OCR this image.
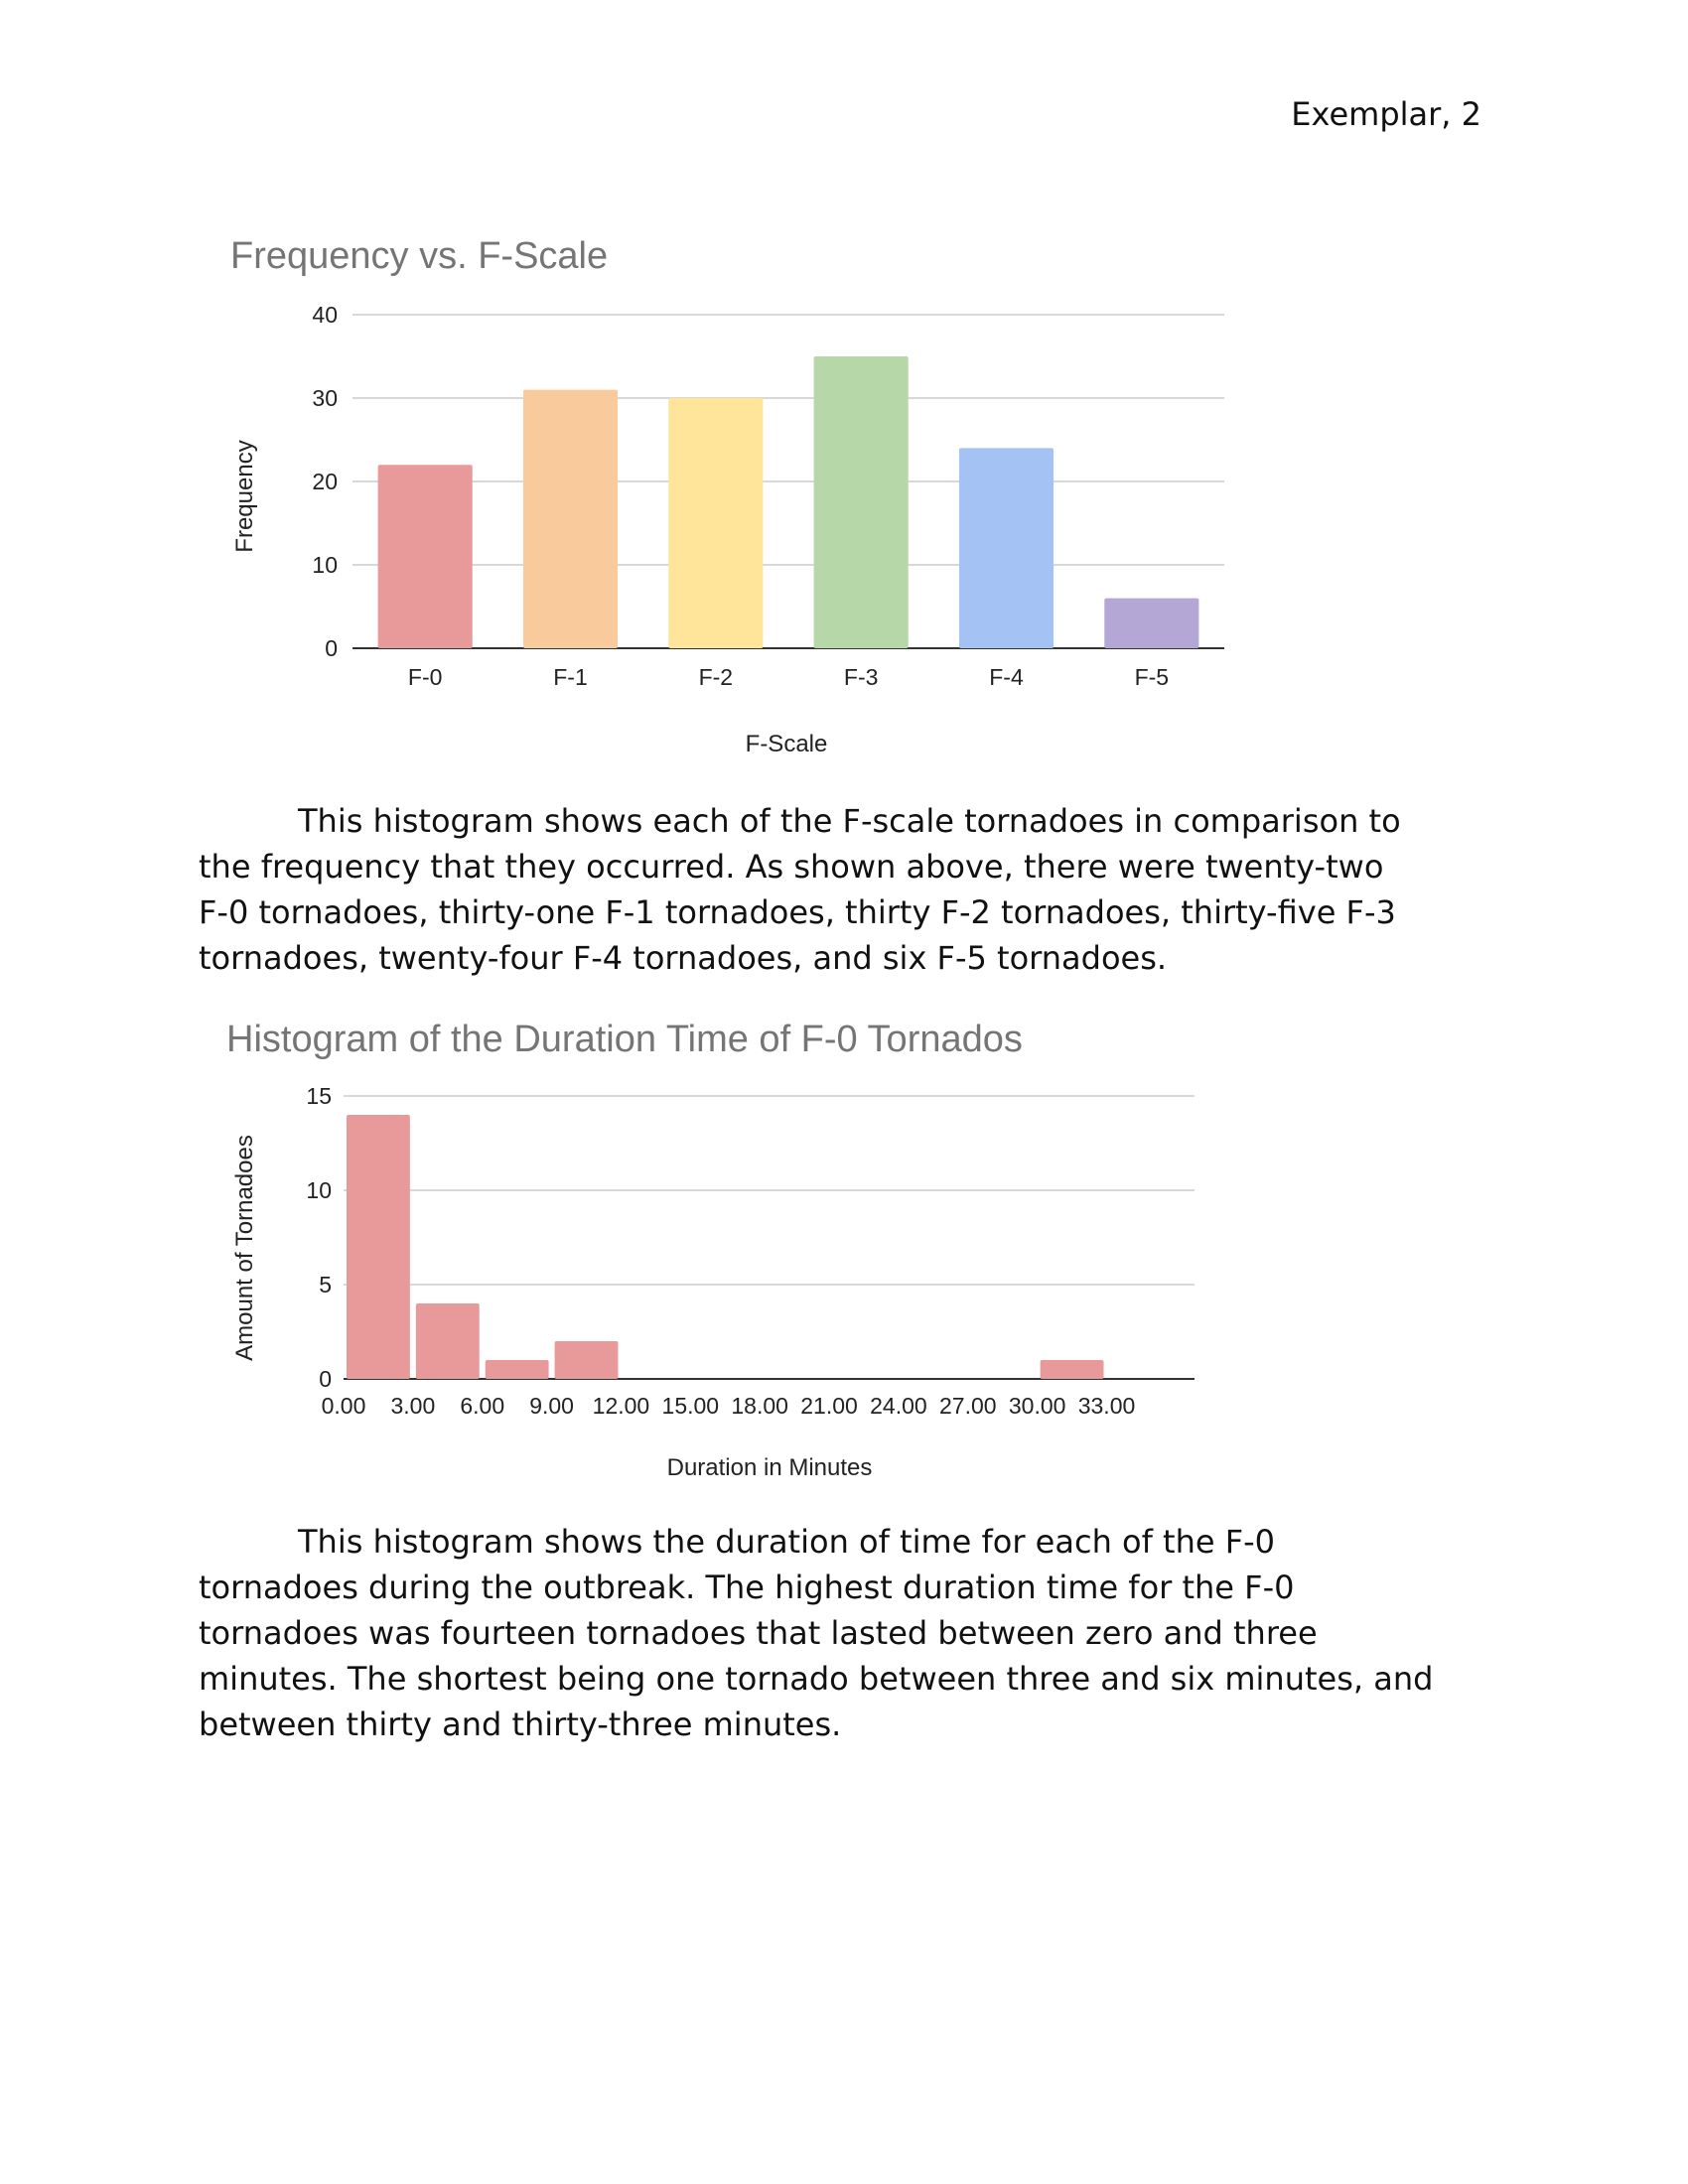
Exemplar, 2
Frequency vs. F-Scale
0
10
20
30
40
F-0	F-1	F-2	F-3	F-4	F-5
F-Scale
Frequency
This histogram shows each of the F-scale tornadoes in comparison to
the frequency that they occurred. As shown above, there were twenty-two
F-0 tornadoes, thirty-one F-1 tornadoes, thirty F-2 tornadoes, thirty-five F-3
tornadoes, twenty-four F-4 tornadoes, and six F-5 tornadoes.
Histogram of the Duration Time of F-0 Tornados
0
5
10
15
0.00 3.00 6.00 9.00 12.00 15.00 18.00 21.00 24.00 27.00 30.00 33.00
Duration in Minutes
Amount of Tornadoes
This histogram shows the duration of time for each of the F-0
tornadoes during the outbreak. The highest duration time for the F-0
tornadoes was fourteen tornadoes that lasted between zero and three
minutes. The shortest being one tornado between three and six minutes, and
between thirty and thirty-three minutes.
